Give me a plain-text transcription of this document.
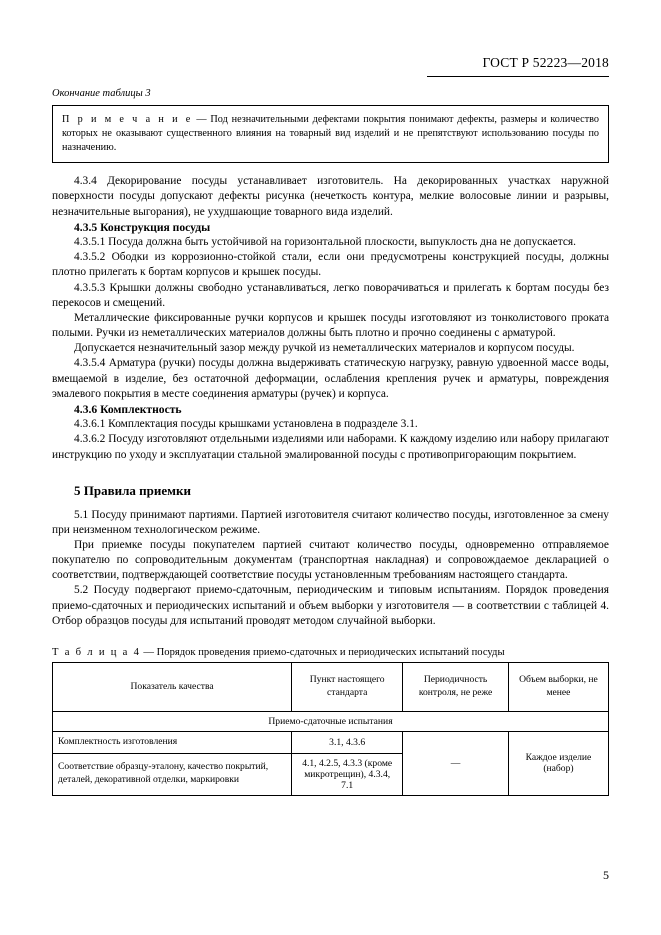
ГОСТ Р 52223—2018
Окончание таблицы 3
П р и м е ч а н и е — Под незначительными дефектами покрытия понимают дефекты, размеры и количество которых не оказывают существенного влияния на товарный вид изделий и не препятствуют использованию посуды по назначению.

4.3.4 Декорирование посуды устанавливает изготовитель. На декорированных участках наружной поверхности посуды допускают дефекты рисунка (нечеткость контура, мелкие волосовые линии и разрывы, незначительные выгорания), не ухудшающие товарного вида изделий.

4.3.5 Конструкция посуды

4.3.5.1 Посуда должна быть устойчивой на горизонтальной плоскости, выпуклость дна не допускается.

4.3.5.2 Ободки из коррозионно-стойкой стали, если они предусмотрены конструкцией посуды, должны плотно прилегать к бортам корпусов и крышек посуды.

4.3.5.3 Крышки должны свободно устанавливаться, легко поворачиваться и прилегать к бортам посуды без перекосов и смещений.

Металлические фиксированные ручки корпусов и крышек посуды изготовляют из тонколистового проката полыми. Ручки из неметаллических материалов должны быть плотно и прочно соединены с арматурой.

Допускается незначительный зазор между ручкой из неметаллических материалов и корпусом посуды.

4.3.5.4 Арматура (ручки) посуды должна выдерживать статическую нагрузку, равную удвоенной массе воды, вмещаемой в изделие, без остаточной деформации, ослабления крепления ручек и арматуры, повреждения эмалевого покрытия в месте соединения арматуры (ручек) и корпуса.

4.3.6 Комплектность

4.3.6.1 Комплектация посуды крышками установлена в подразделе 3.1.

4.3.6.2 Посуду изготовляют отдельными изделиями или наборами. К каждому изделию или набору прилагают инструкцию по уходу и эксплуатации стальной эмалированной посуды с противопригорающим покрытием.

5 Правила приемки

5.1 Посуду принимают партиями. Партией изготовителя считают количество посуды, изготовленное за смену при неизменном технологическом режиме.

При приемке посуды покупателем партией считают количество посуды, одновременно отправляемое покупателю по сопроводительным документам (транспортная накладная) и сопровождаемое декларацией о соответствии, подтверждающей соответствие посуды установленным требованиям настоящего стандарта.

5.2 Посуду подвергают приемо-сдаточным, периодическим и типовым испытаниям. Порядок проведения приемо-сдаточных и периодических испытаний и объем выборки у изготовителя — в соответствии с таблицей 4. Отбор образцов посуды для испытаний проводят методом случайной выборки.

Т а б л и ц а 4 — Порядок проведения приемо-сдаточных и периодических испытаний посуды
Показатель качества	Пункт настоящего стандарта	Периодичность контроля, не реже	Объем выборки, не менее
Приемо-сдаточные испытания			
Комплектность изготовления	3.1, 4.3.6	—	Каждое изделие (набор)
Соответствие образцу-эталону, качество покрытий, деталей, декоративной отделки, маркировки	4.1, 4.2.5, 4.3.3 (кроме микротрещин), 4.3.4, 7.1		
5
